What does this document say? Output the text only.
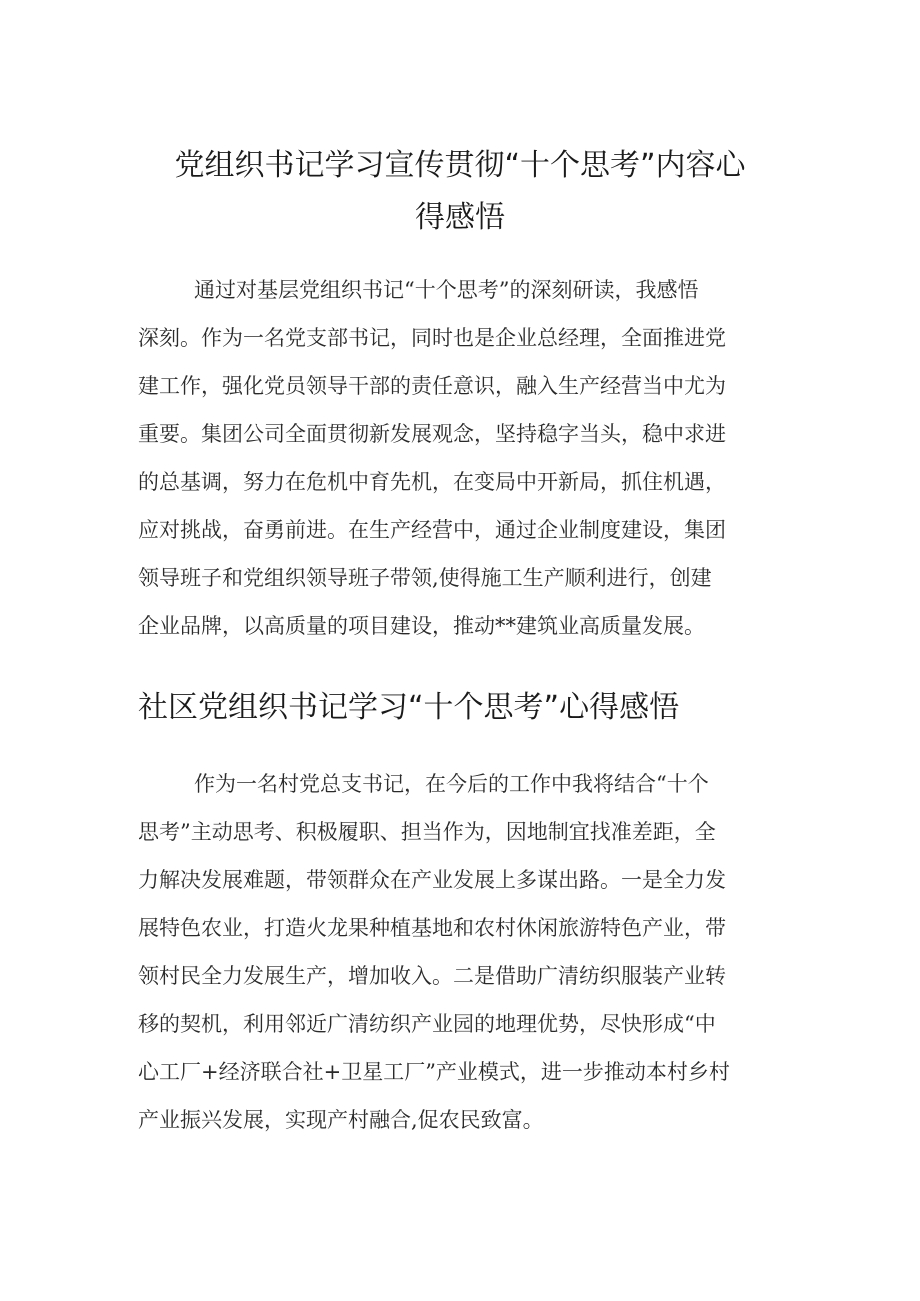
党组织书记学习宣传贯彻“十个思考”内容心
得感悟
通过对基层党组织书记“十个思考”的深刻研读，我感悟
深刻。作为一名党支部书记，同时也是企业总经理，全面推进党
建工作，强化党员领导干部的责任意识，融入生产经营当中尤为
重要。集团公司全面贯彻新发展观念，坚持稳字当头，稳中求进
的总基调，努力在危机中育先机，在变局中开新局，抓住机遇，
应对挑战，奋勇前进。在生产经营中，通过企业制度建设，集团
领导班子和党组织领导班子带领,使得施工生产顺利进行，创建
企业品牌，以高质量的项目建设，推动**建筑业高质量发展。
社区党组织书记学习“十个思考”心得感悟
作为一名村党总支书记，在今后的工作中我将结合“十个
思考”主动思考、积极履职、担当作为，因地制宜找准差距，全
力解决发展难题，带领群众在产业发展上多谋出路。一是全力发
展特色农业，打造火龙果种植基地和农村休闲旅游特色产业，带
领村民全力发展生产，增加收入。二是借助广清纺织服装产业转
移的契机，利用邻近广清纺织产业园的地理优势，尽快形成“中
心工厂+经济联合社+卫星工厂”产业模式，进一步推动本村乡村
产业振兴发展，实现产村融合,促农民致富。
